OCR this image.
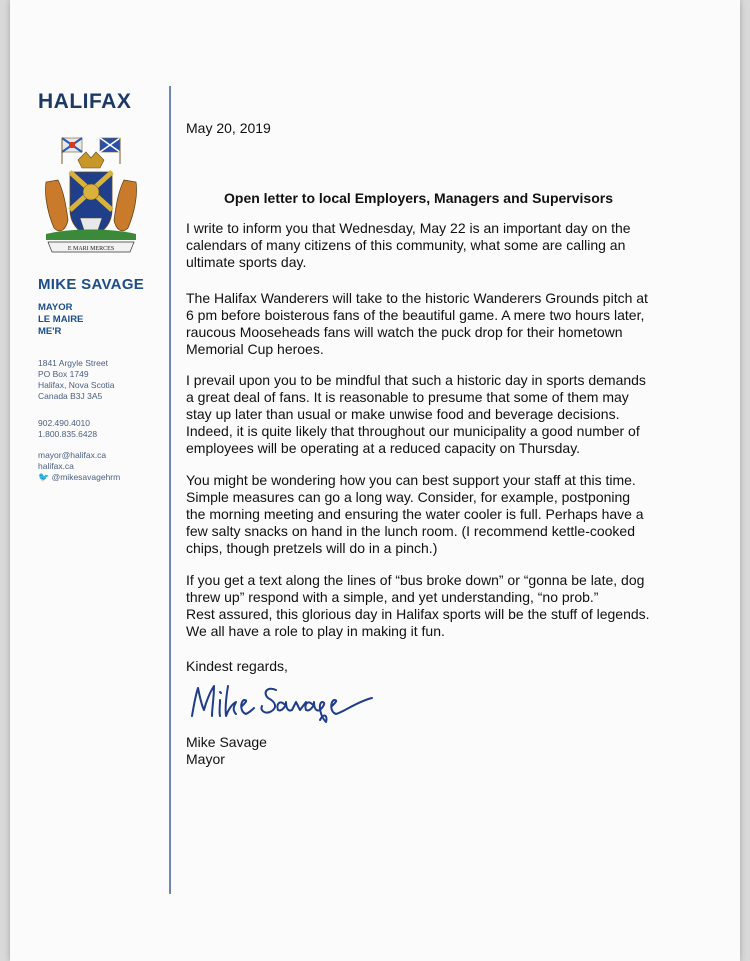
HALIFAX
E MARI MERCES
MIKE SAVAGE
MAYOR
LE MAIRE
ME'R
1841 Argyle Street
PO Box 1749
Halifax, Nova Scotia
Canada B3J 3A5
902.490.4010
1.800.835.6428
mayor@halifax.ca
halifax.ca
🐦 @mikesavagehrm
May 20, 2019
Open letter to local Employers, Managers and Supervisors
I write to inform you that Wednesday, May 22 is an important day on the
calendars of many citizens of this community, what some are calling an
ultimate sports day.
The Halifax Wanderers will take to the historic Wanderers Grounds pitch at
6 pm before boisterous fans of the beautiful game. A mere two hours later,
raucous Mooseheads fans will watch the puck drop for their hometown
Memorial Cup heroes.
I prevail upon you to be mindful that such a historic day in sports demands
a great deal of fans. It is reasonable to presume that some of them may
stay up later than usual or make unwise food and beverage decisions.
Indeed, it is quite likely that throughout our municipality a good number of
employees will be operating at a reduced capacity on Thursday.
You might be wondering how you can best support your staff at this time.
Simple measures can go a long way. Consider, for example, postponing
the morning meeting and ensuring the water cooler is full. Perhaps have a
few salty snacks on hand in the lunch room. (I recommend kettle-cooked
chips, though pretzels will do in a pinch.)
If you get a text along the lines of “bus broke down” or “gonna be late, dog
threw up” respond with a simple, and yet understanding, “no prob.”
Rest assured, this glorious day in Halifax sports will be the stuff of legends.
We all have a role to play in making it fun.
Kindest regards,
Mike Savage
Mike Savage
Mayor
